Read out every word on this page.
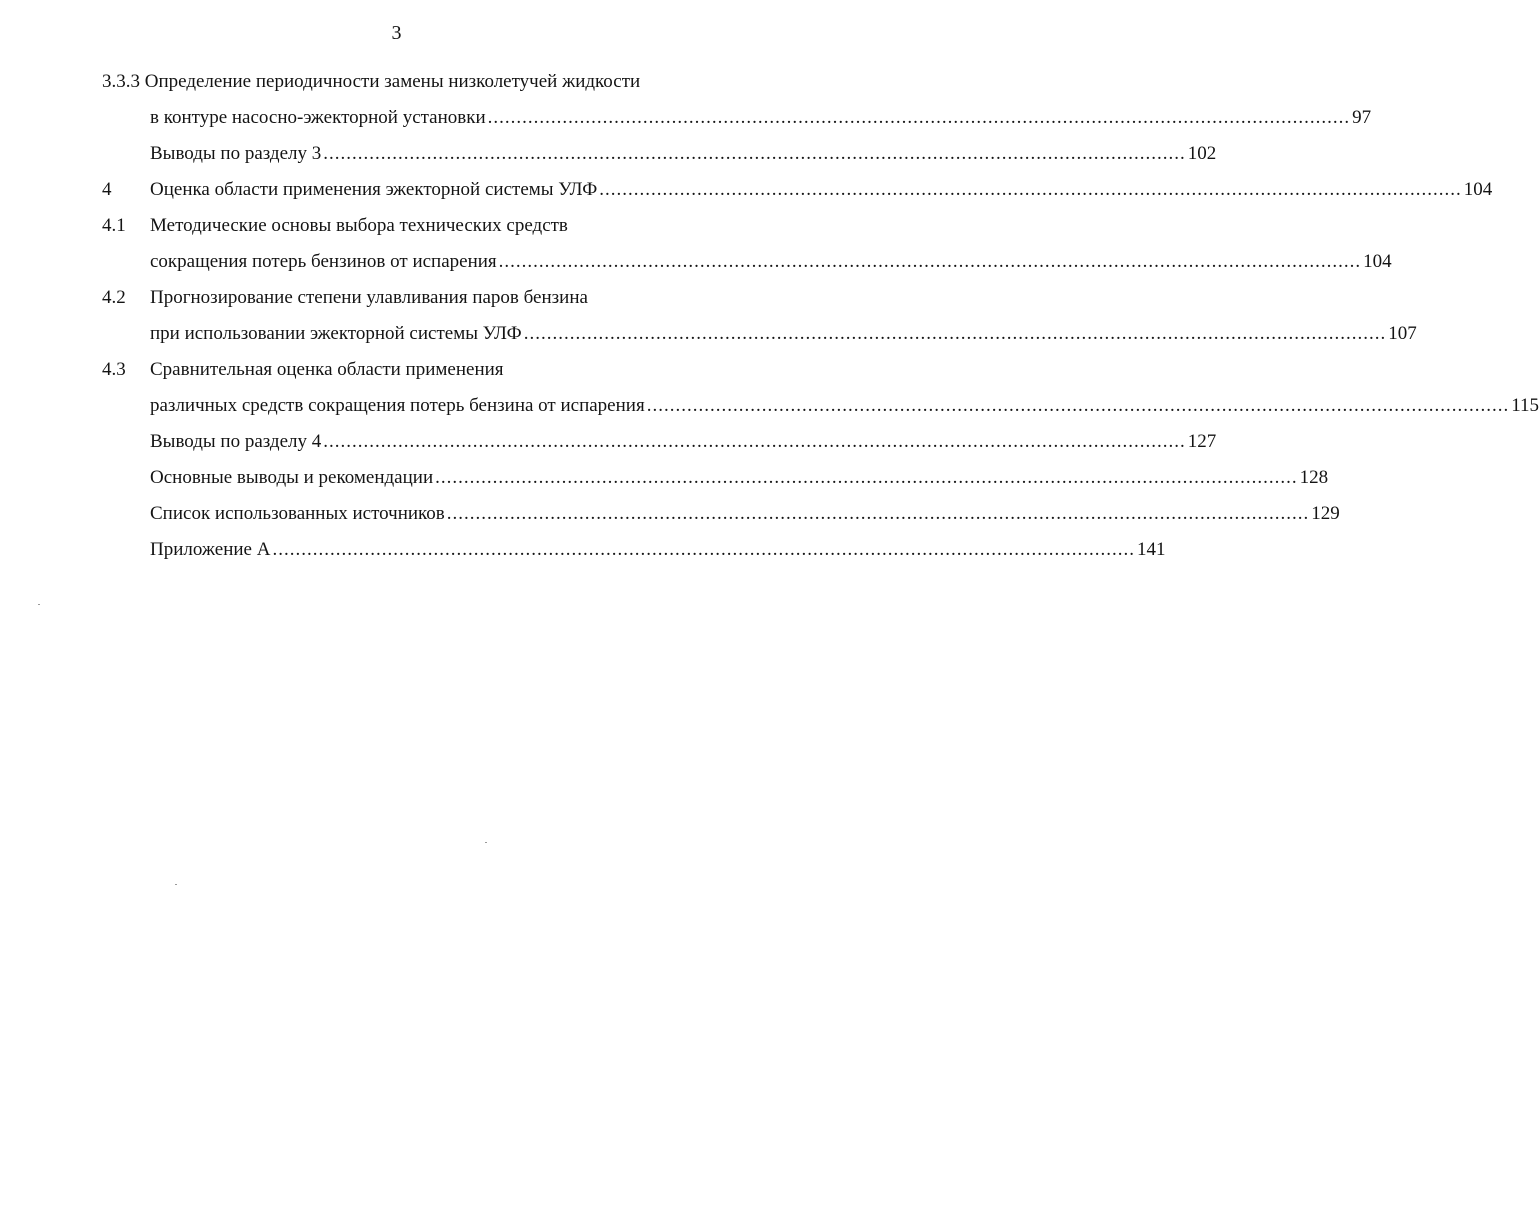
3
3.3.3 Определение периодичности замены низколетучей жидкости
в контуре насосно-эжекторной установки ...................................................................................................................................................... 97
Выводы по разделу 3 ...................................................................................................................................................... 102
4 Оценка области применения эжекторной системы УЛФ ...................................................................................................................................................... 104
4.1 Методические основы выбора технических средств
сокращения потерь бензинов от испарения ...................................................................................................................................................... 104
4.2 Прогнозирование степени улавливания паров бензина
при использовании эжекторной системы УЛФ ...................................................................................................................................................... 107
4.3 Сравнительная оценка области применения
различных средств сокращения потерь бензина от испарения ...................................................................................................................................................... 115
Выводы по разделу 4 ...................................................................................................................................................... 127
Основные выводы и рекомендации ...................................................................................................................................................... 128
Список использованных источников ...................................................................................................................................................... 129
Приложение А ...................................................................................................................................................... 141
